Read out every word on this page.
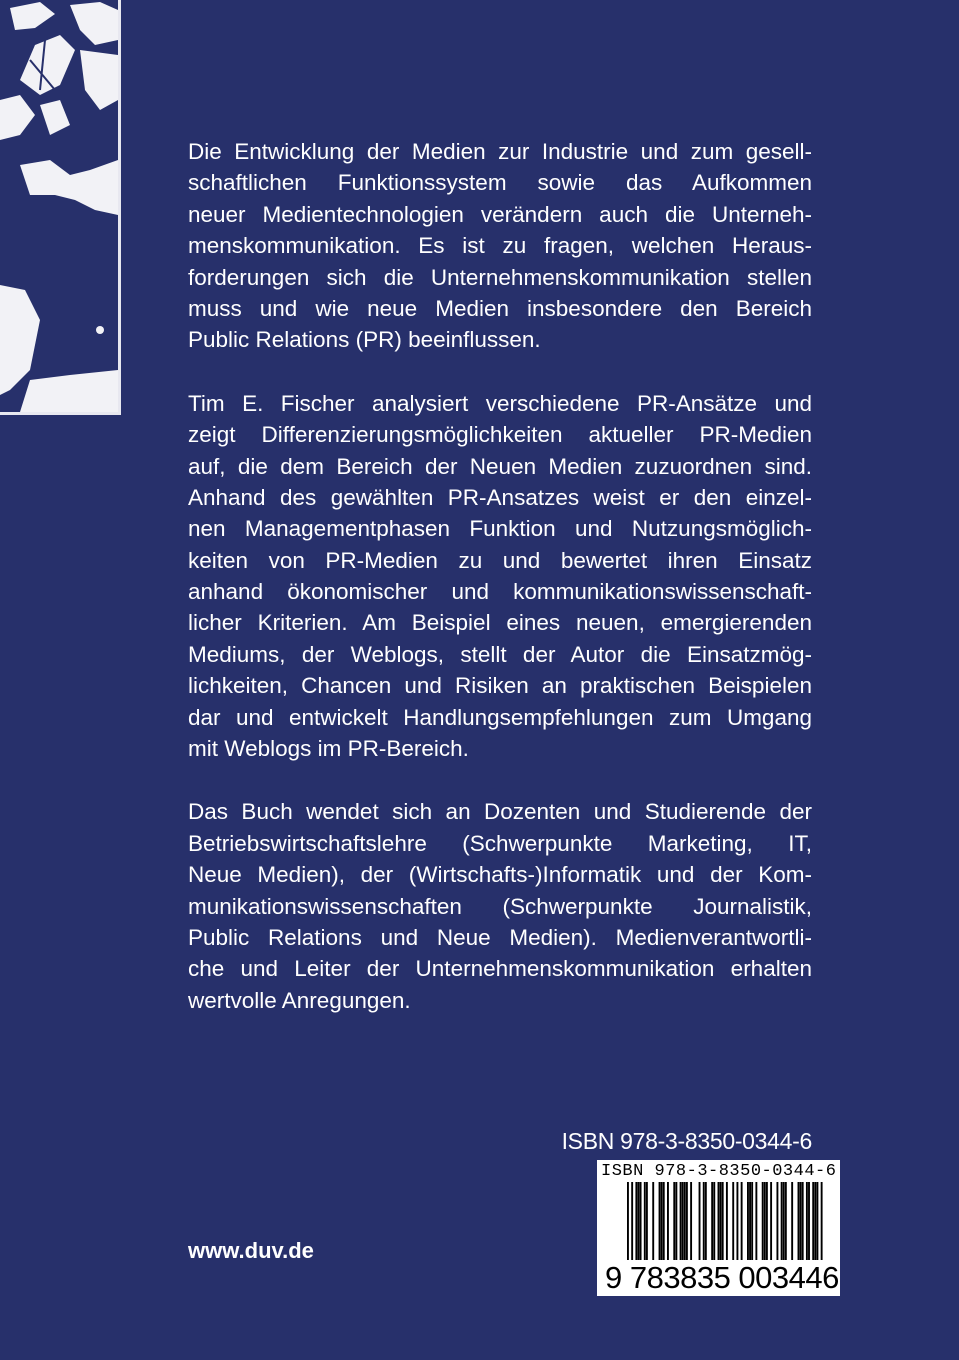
Die Entwicklung der Medien zur Industrie und zum gesell-
schaftlichen Funktionssystem sowie das Aufkommen
neuer Medientechnologien verändern auch die Unterneh-
menskommunikation. Es ist zu fragen, welchen Heraus-
forderungen sich die Unternehmenskommunikation stellen
muss und wie neue Medien insbesondere den Bereich
Public Relations (PR) beeinflussen.
Tim E. Fischer analysiert verschiedene PR-Ansätze und
zeigt Differenzierungsmöglichkeiten aktueller PR-Medien
auf, die dem Bereich der Neuen Medien zuzuordnen sind.
Anhand des gewählten PR-Ansatzes weist er den einzel-
nen Managementphasen Funktion und Nutzungsmöglich-
keiten von PR-Medien zu und bewertet ihren Einsatz
anhand ökonomischer und kommunikationswissenschaft-
licher Kriterien. Am Beispiel eines neuen, emergierenden
Mediums, der Weblogs, stellt der Autor die Einsatzmög-
lichkeiten, Chancen und Risiken an praktischen Beispielen
dar und entwickelt Handlungsempfehlungen zum Umgang
mit Weblogs im PR-Bereich.
Das Buch wendet sich an Dozenten und Studierende der
Betriebswirtschaftslehre (Schwerpunkte Marketing, IT,
Neue Medien), der (Wirtschafts-)Informatik und der Kom-
munikationswissenschaften (Schwerpunkte Journalistik,
Public Relations und Neue Medien). Medienverantwortli-
che und Leiter der Unternehmenskommunikation erhalten
wertvolle Anregungen.
ISBN 978-3-8350-0344-6
ISBN 978-3-8350-0344-6
9 783835 003446
www.duv.de
